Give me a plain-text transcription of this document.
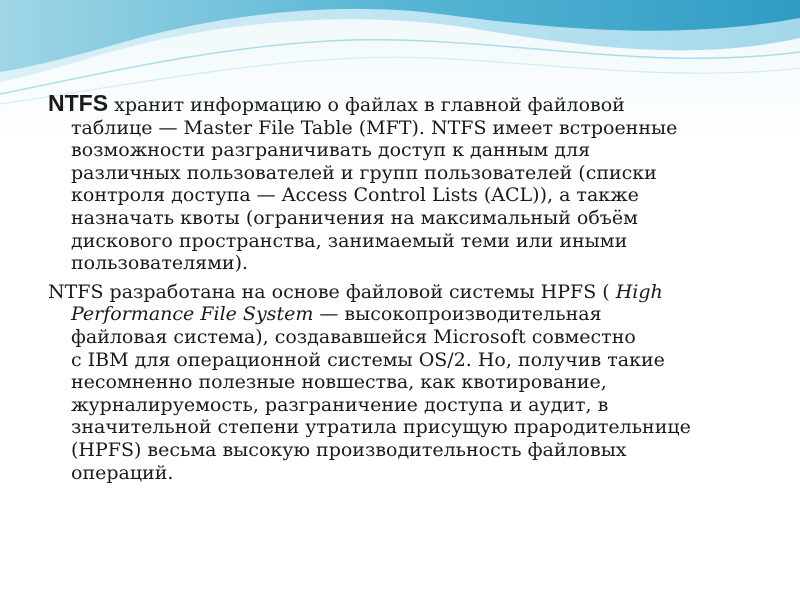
NTFS хранит информацию о файлах в главной файловой
таблице — Master File Table (MFT). NTFS имеет встроенные
возможности разграничивать доступ к данным для
различных пользователей и групп пользователей (списки
контроля доступа — Access Control Lists (ACL)), а также
назначать квоты (ограничения на максимальный объём
дискового пространства, занимаемый теми или иными
пользователями).

NTFS разработана на основе файловой системы HPFS ( High
Performance File System — высокопроизводительная
файловая система), создававшейся Microsoft совместно
с IBM для операционной системы OS/2. Но, получив такие
несомненно полезные новшества, как квотирование,
журналируемость, разграничение доступа и аудит, в
значительной степени утратила присущую прародительнице
(HPFS) весьма высокую производительность файловых
операций.
